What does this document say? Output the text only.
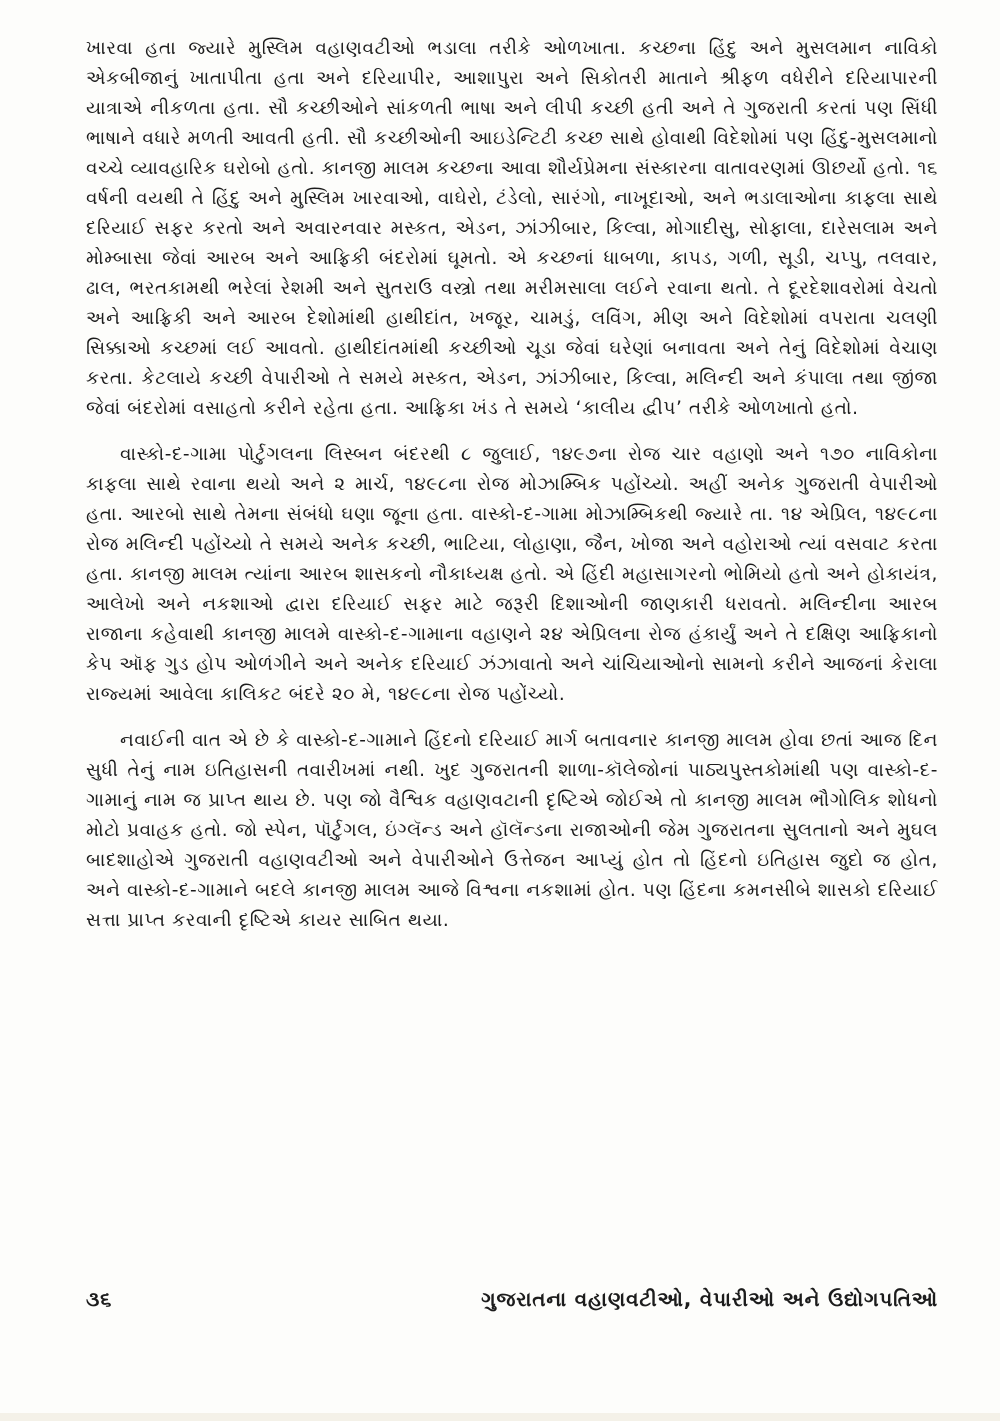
ખારવા હતા જ્યારે મુસ્લિમ વહાણવટીઓ ભડાલા તરીકે ઓળખાતા. કચ્છના હિંદુ અને મુસલમાન નાવિકો એકબીજાનું ખાતાપીતા હતા અને દરિયાપીર, આશાપુરા અને સિકોતરી માતાને શ્રીફળ વધેરીને દરિયાપારની યાત્રાએ નીકળતા હતા. સૌ કચ્છીઓને સાંકળતી ભાષા અને લીપી કચ્છી હતી અને તે ગુજરાતી કરતાં પણ સિંધી ભાષાને વધારે મળતી આવતી હતી. સૌ કચ્છીઓની આઇડેન્ટિટી કચ્છ સાથે હોવાથી વિદેશોમાં પણ હિંદુ-મુસલમાનો વચ્ચે વ્યાવહારિક ઘરોબો હતો. કાનજી માલમ કચ્છના આવા શૌર્યપ્રેમના સંસ્કારના વાતાવરણમાં ઊછર્યો હતો. ૧૬ વર્ષની વયથી તે હિંદુ અને મુસ્લિમ ખારવાઓ, વાઘેરો, ટંડેલો, સારંગો, નાખૂદાઓ, અને ભડાલાઓના કાફલા સાથે દરિયાઈ સફર કરતો અને અવારનવાર મસ્કત, એડન, ઝાંઝીબાર, કિલ્વા, મોગાદીસુ, સોફાલા, દારેસલામ અને મોમ્બાસા જેવાં આરબ અને આફ્રિકી બંદરોમાં ઘૂમતો. એ કચ્છનાં ધાબળા, કાપડ, ગળી, સૂડી, ચપ્પુ, તલવાર, ઢાલ, ભરતકામથી ભરેલાં રેશમી અને સુતરાઉ વસ્ત્રો તથા મરીમસાલા લઈને રવાના થતો. તે દૂરદેશાવરોમાં વેચતો અને આફ્રિકી અને આરબ દેશોમાંથી હાથીદાંત, ખજૂર, ચામડું, લવિંગ, મીણ અને વિદેશોમાં વપરાતા ચલણી સિક્કાઓ કચ્છમાં લઈ આવતો. હાથીદાંતમાંથી કચ્છીઓ ચૂડા જેવાં ઘરેણાં બનાવતા અને તેનું વિદેશોમાં વેચાણ કરતા. કેટલાયે કચ્છી વેપારીઓ તે સમયે મસ્કત, એડન, ઝાંઝીબાર, કિલ્વા, મલિન્દી અને કંપાલા તથા જીંજા જેવાં બંદરોમાં વસાહતો કરીને રહેતા હતા. આફ્રિકા ખંડ તે સમયે ‘કાલીય દ્વીપ’ તરીકે ઓળખાતો હતો.

વાસ્કો-દ-ગામા પોર્ટુગલના લિસ્બન બંદરથી ૮ જુલાઈ, ૧૪૯૭ના રોજ ચાર વહાણો અને ૧૭૦ નાવિકોના કાફલા સાથે રવાના થયો અને ૨ માર્ચ, ૧૪૯૮ના રોજ મોઝામ્બિક પહોંચ્યો. અહીં અનેક ગુજરાતી વેપારીઓ હતા. આરબો સાથે તેમના સંબંધો ઘણા જૂના હતા. વાસ્કો-દ-ગામા મોઝામ્બિકથી જ્યારે તા. ૧૪ એપ્રિલ, ૧૪૯૮ના રોજ મલિન્દી પહોંચ્યો તે સમયે અનેક કચ્છી, ભાટિયા, લોહાણા, જૈન, ખોજા અને વહોરાઓ ત્યાં વસવાટ કરતા હતા. કાનજી માલમ ત્યાંના આરબ શાસકનો નૌકાધ્યક્ષ હતો. એ હિંદી મહાસાગરનો ભોમિયો હતો અને હોકાયંત્ર, આલેખો અને નકશાઓ દ્વારા દરિયાઈ સફર માટે જરૂરી દિશાઓની જાણકારી ધરાવતો. મલિન્દીના આરબ રાજાના કહેવાથી કાનજી માલમે વાસ્કો-દ-ગામાના વહાણને ૨૪ એપ્રિલના રોજ હંકાર્યું અને તે દક્ષિણ આફ્રિકાનો કેપ ઑફ ગુડ હોપ ઓળંગીને અને અનેક દરિયાઈ ઝંઝાવાતો અને ચાંચિયાઓનો સામનો કરીને આજનાં કેરાલા રાજ્યમાં આવેલા કાલિકટ બંદરે ૨૦ મે, ૧૪૯૮ના રોજ પહોંચ્યો.

નવાઈની વાત એ છે કે વાસ્કો-દ-ગામાને હિંદનો દરિયાઈ માર્ગ બતાવનાર કાનજી માલમ હોવા છતાં આજ દિન સુધી તેનું નામ ઇતિહાસની તવારીખમાં નથી. ખુદ ગુજરાતની શાળા-કૉલેજોનાં પાઠ્યપુસ્તકોમાંથી પણ વાસ્કો-દ-ગામાનું નામ જ પ્રાપ્ત થાય છે. પણ જો વૈશ્વિક વહાણવટાની દૃષ્ટિએ જોઈએ તો કાનજી માલમ ભૌગોલિક શોધનો મોટો પ્રવાહક હતો. જો સ્પેન, પૉર્ટુગલ, ઇંગ્લૅન્ડ અને હૉલૅન્ડના રાજાઓની જેમ ગુજરાતના સુલતાનો અને મુઘલ બાદશાહોએ ગુજરાતી વહાણવટીઓ અને વેપારીઓને ઉત્તેજન આપ્યું હોત તો હિંદનો ઇતિહાસ જુદો જ હોત, અને વાસ્કો-દ-ગામાને બદલે કાનજી માલમ આજે વિશ્વના નકશામાં હોત. પણ હિંદના કમનસીબે શાસકો દરિયાઈ સત્તા પ્રાપ્ત કરવાની દૃષ્ટિએ કાયર સાબિત થયા.

૩૬	ગુજરાતના વહાણવટીઓ, વેપારીઓ અને ઉદ્યોગપતિઓ
